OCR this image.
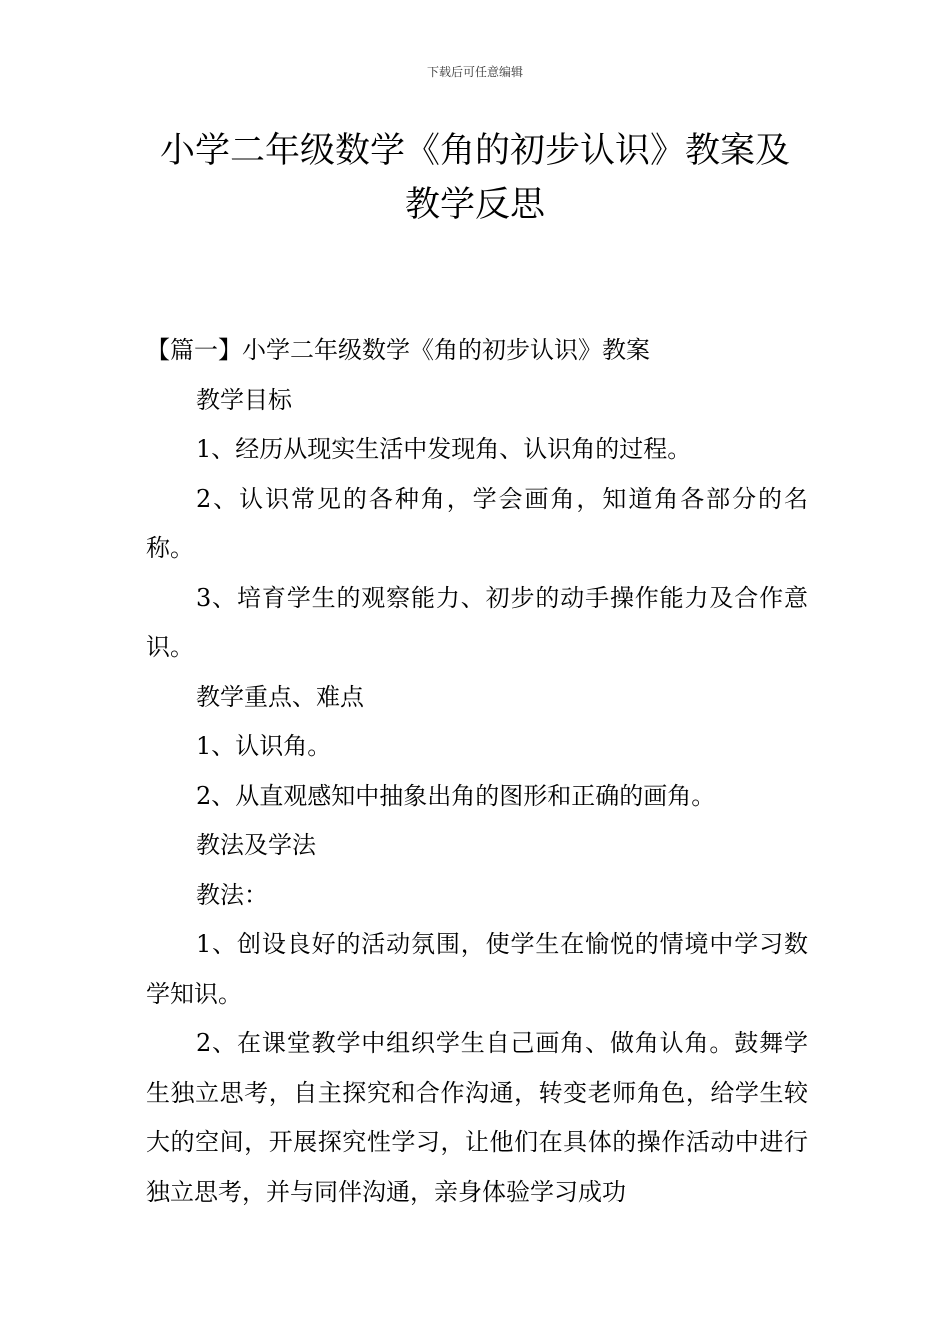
下载后可任意编辑
小学二年级数学《角的初步认识》教案及
教学反思

【篇一】小学二年级数学《角的初步认识》教案

教学目标

1、经历从现实生活中发现角、认识角的过程。

2、认识常见的各种角，学会画角，知道角各部分的名称。

3、培育学生的观察能力、初步的动手操作能力及合作意识。

教学重点、难点

1、认识角。

2、从直观感知中抽象出角的图形和正确的画角。

教法及学法

教法：

1、创设良好的活动氛围，使学生在愉悦的情境中学习数学知识。

2、在课堂教学中组织学生自己画角、做角认角。鼓舞学生独立思考，自主探究和合作沟通，转变老师角色，给学生较大的空间，开展探究性学习，让他们在具体的操作活动中进行独立思考，并与同伴沟通，亲身体验学习成功
